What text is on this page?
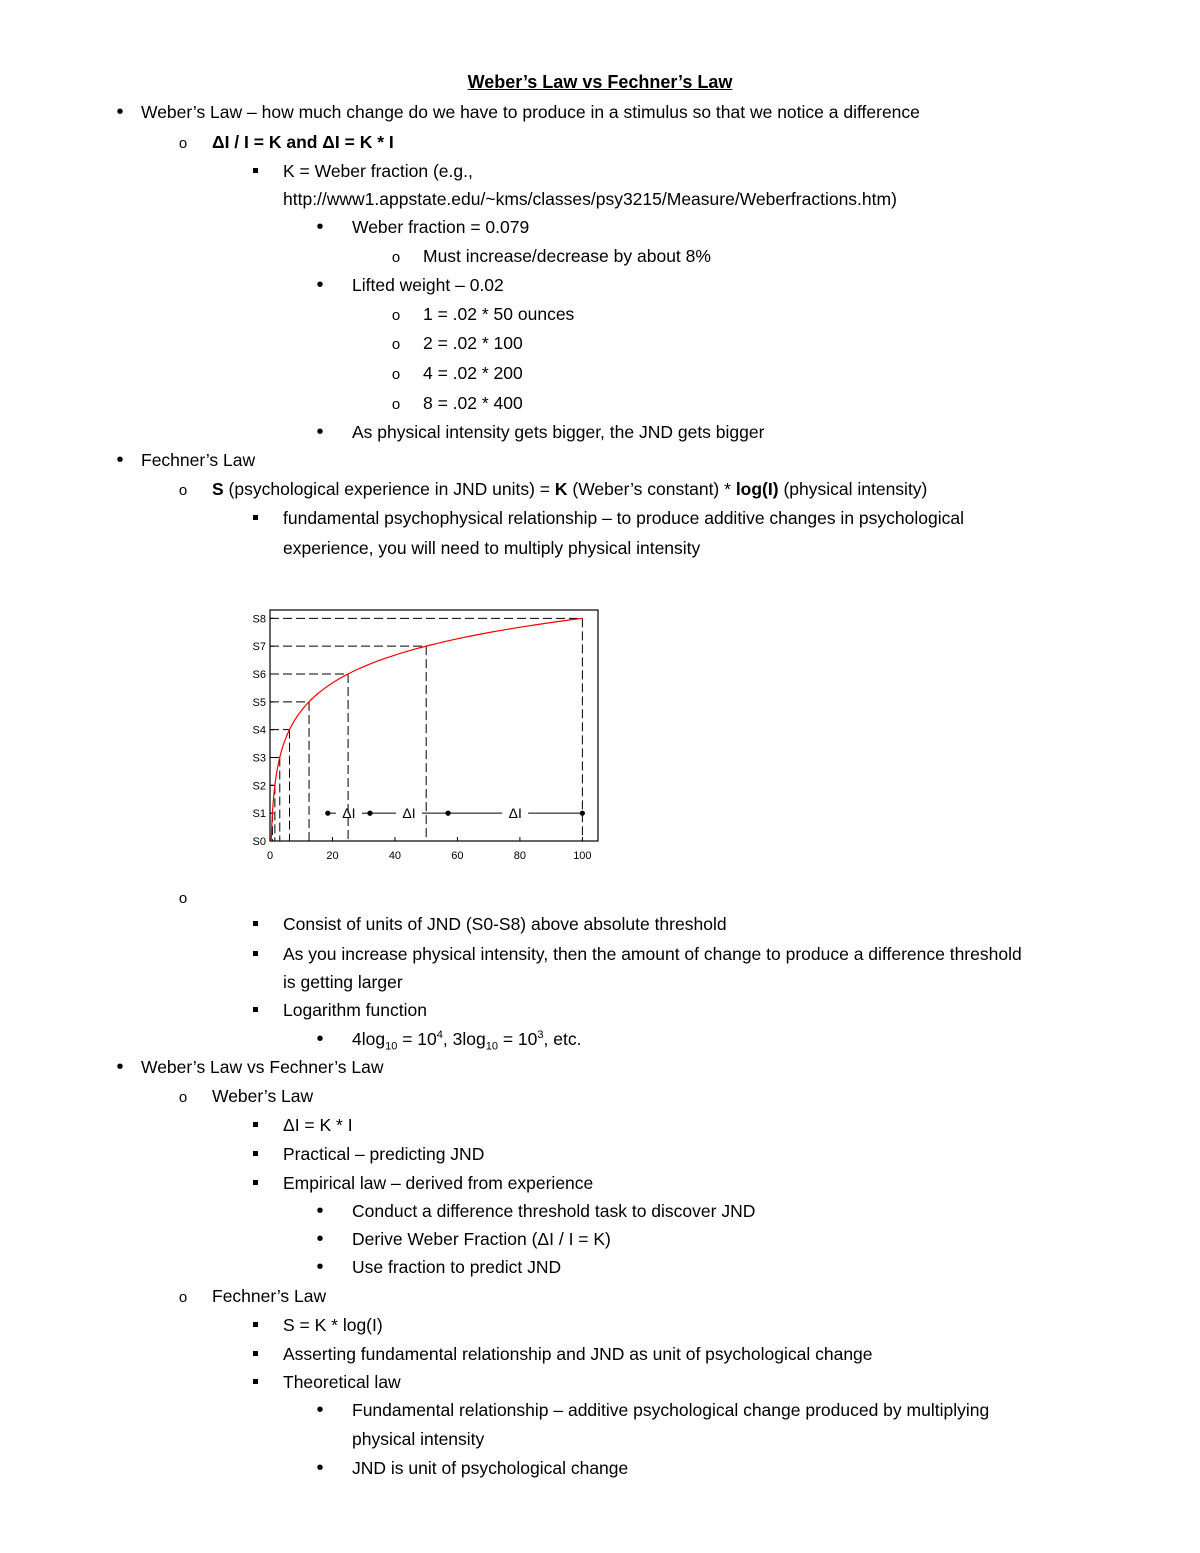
Weber’s Law vs Fechner’s Law
•
Weber’s Law – how much change do we have to produce in a stimulus so that we notice a difference
o
ΔI / I = K and ΔI = K * I
K = Weber fraction (e.g.,
http://www1.appstate.edu/~kms/classes/psy3215/Measure/Weberfractions.htm)
•
Weber fraction = 0.079
o
Must increase/decrease by about 8%
•
Lifted weight – 0.02
o
1 = .02 * 50 ounces
o
2 = .02 * 100
o
4 = .02 * 200
o
8 = .02 * 400
•
As physical intensity gets bigger, the JND gets bigger
•
Fechner’s Law
o
S (psychological experience in JND units) = K (Weber’s constant) * log(I) (physical intensity)
fundamental psychophysical relationship – to produce additive changes in psychological
experience, you will need to multiply physical intensity
S0
S1
S2
S3
S4
S5
S6
S7
S8
0	20	40	60	80	100
ΔI	ΔI	ΔI
o
Consist of units of JND (S0-S8) above absolute threshold
As you increase physical intensity, then the amount of change to produce a difference threshold
is getting larger
Logarithm function
•
$4\log_{10} = 10^4$, $3\log_{10} = 10^3$, etc.
•
Weber’s Law vs Fechner’s Law
o
Weber’s Law
ΔI = K * I
Practical – predicting JND
Empirical law – derived from experience
•
Conduct a difference threshold task to discover JND
•
Derive Weber Fraction (ΔI / I = K)
•
Use fraction to predict JND
o
Fechner’s Law
S = K * log(I)
Asserting fundamental relationship and JND as unit of psychological change
Theoretical law
•
Fundamental relationship – additive psychological change produced by multiplying
physical intensity
•
JND is unit of psychological change
